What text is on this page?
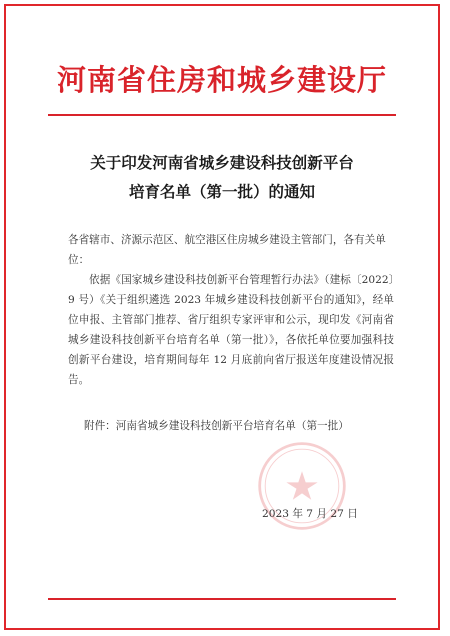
河南省住房和城乡建设厅
关于印发河南省城乡建设科技创新平台
培育名单（第一批）的通知
各省辖市、济源示范区、航空港区住房城乡建设主管部门，各有关单位：
依据《国家城乡建设科技创新平台管理暂行办法》（建标〔2022〕9 号）《关于组织遴选 2023 年城乡建设科技创新平台的通知》，经单位申报、主管部门推荐、省厅组织专家评审和公示，现印发《河南省城乡建设科技创新平台培育名单（第一批）》，各依托单位要加强科技创新平台建设，培育期间每年 12 月底前向省厅报送年度建设情况报告。
附件：河南省城乡建设科技创新平台培育名单（第一批）
2023 年 7 月 27 日
